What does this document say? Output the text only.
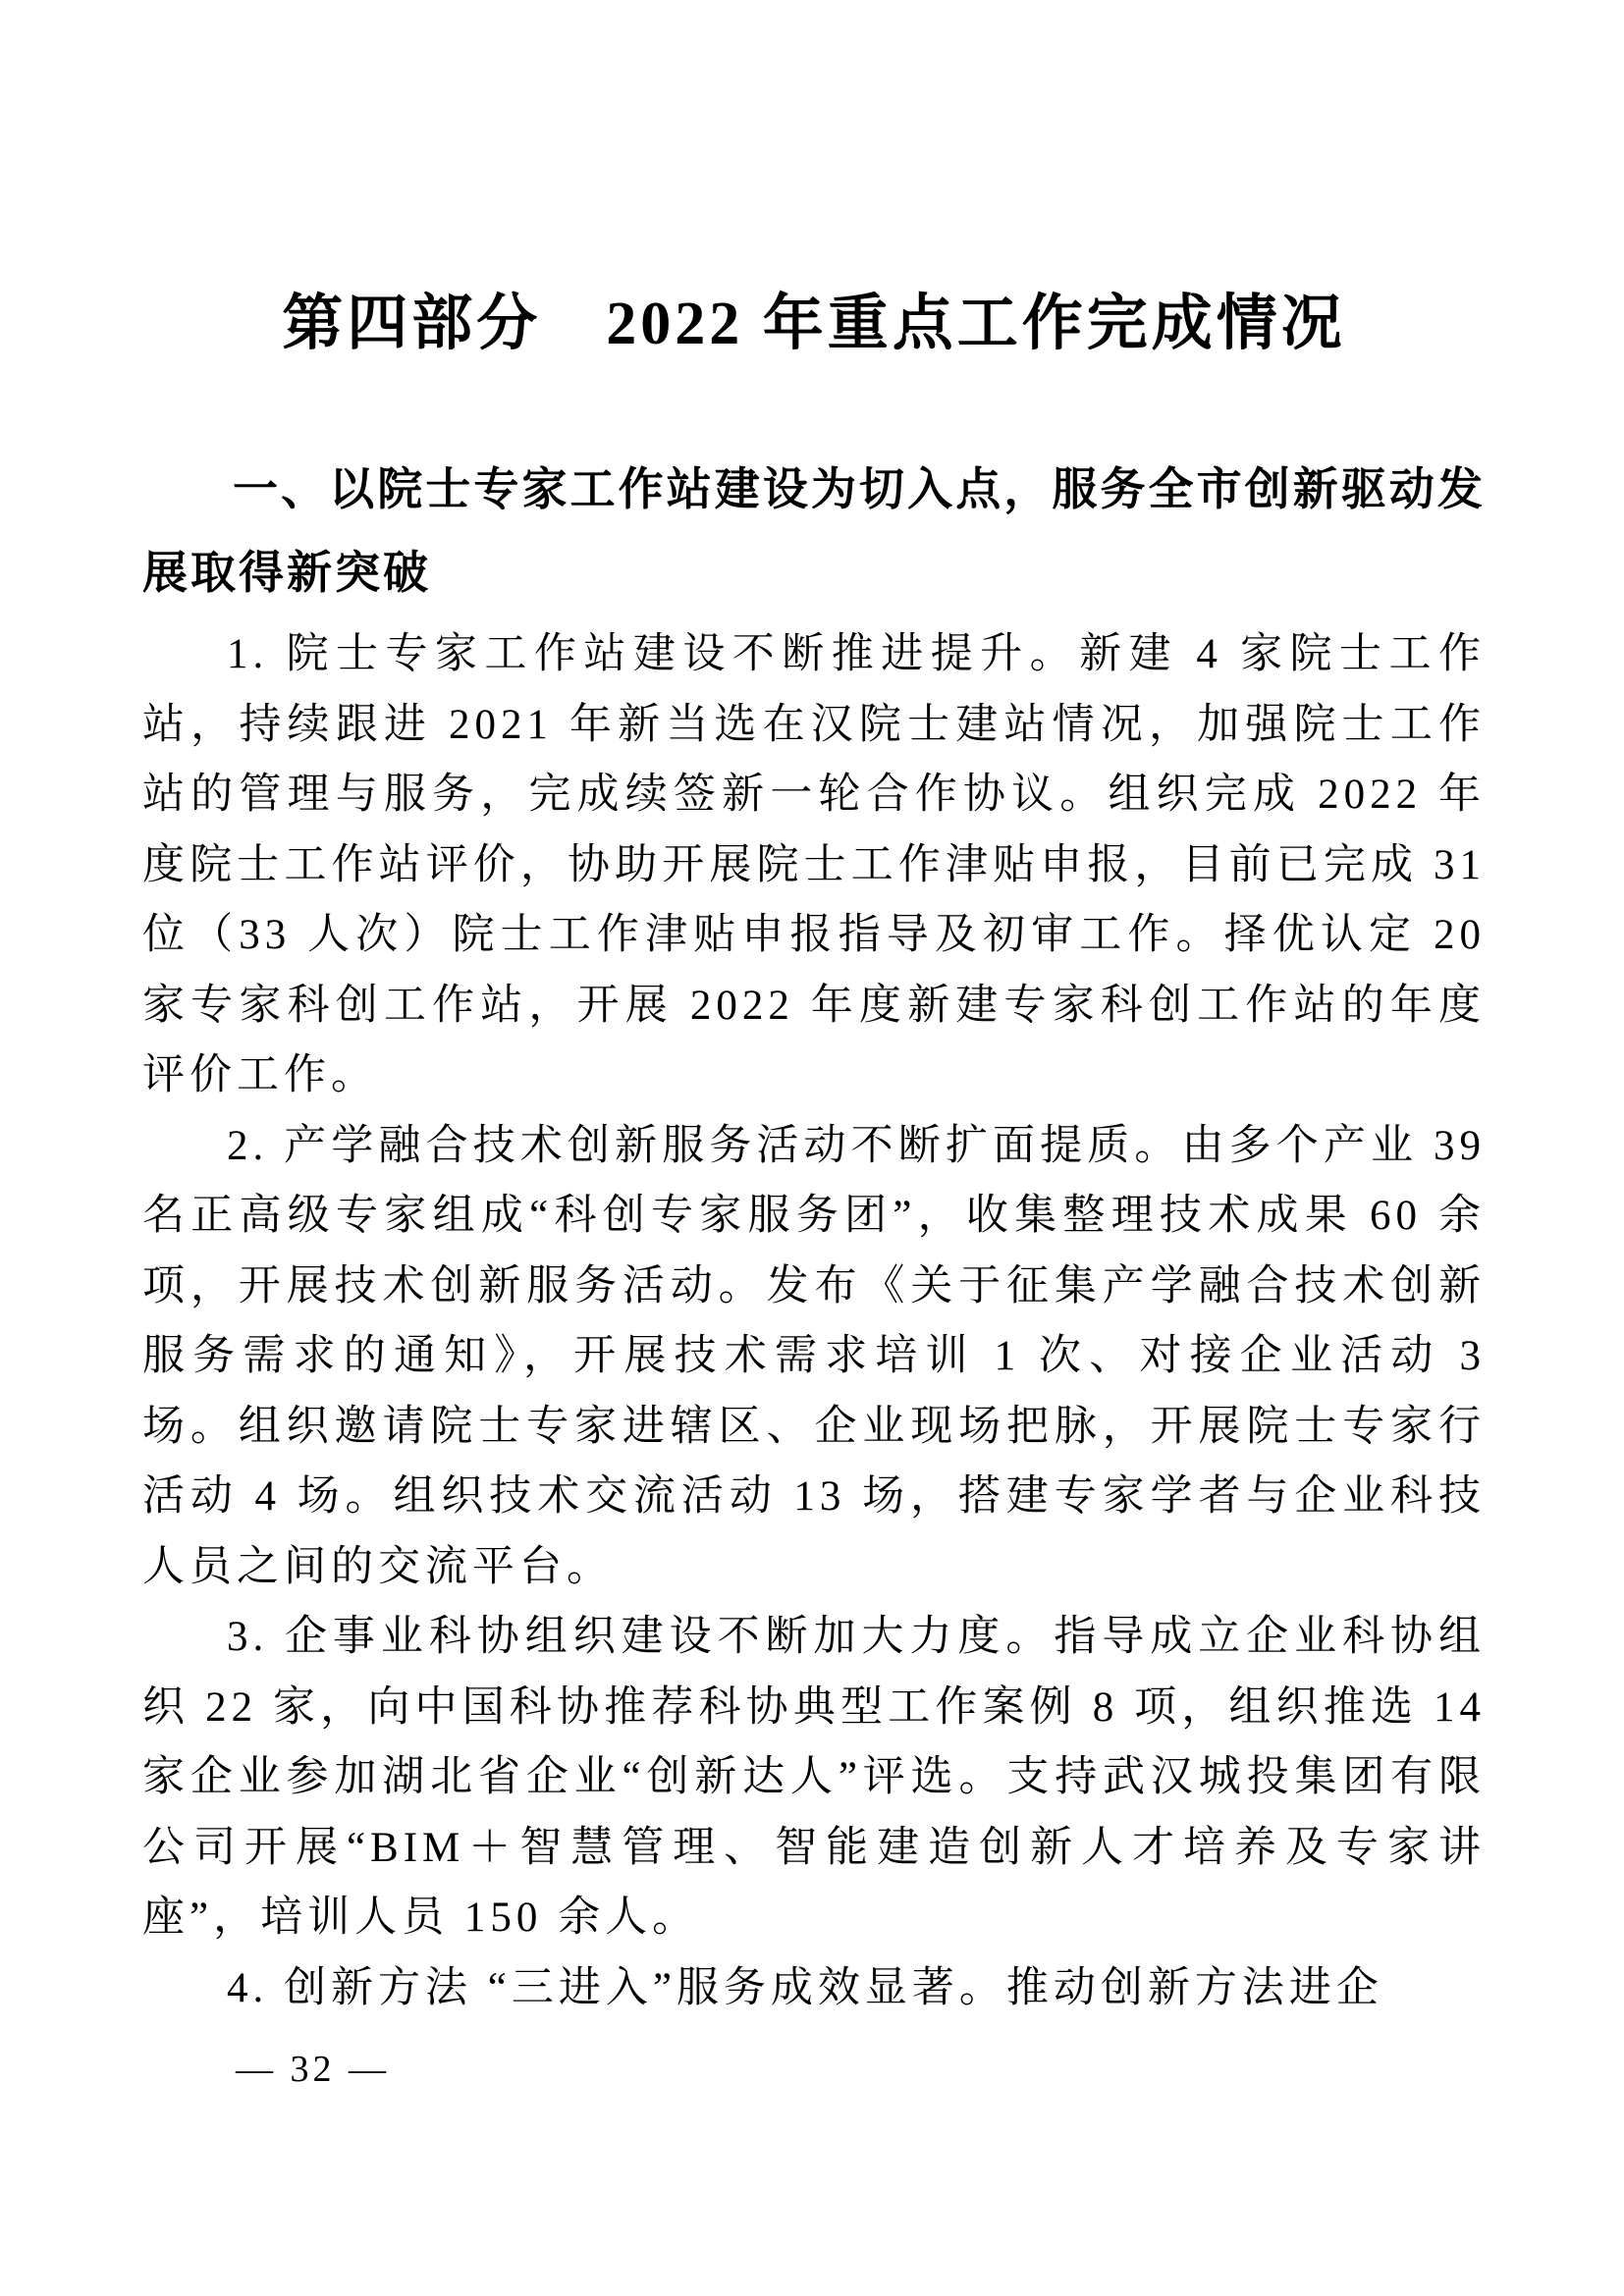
第四部分　2022 年重点工作完成情况
一、以院士专家工作站建设为切入点，服务全市创新驱动发展取得新突破

1. 院士专家工作站建设不断推进提升。新建 4 家院士工作站，持续跟进 2021 年新当选在汉院士建站情况，加强院士工作站的管理与服务，完成续签新一轮合作协议。组织完成 2022 年度院士工作站评价，协助开展院士工作津贴申报，目前已完成 31 位（33 人次）院士工作津贴申报指导及初审工作。择优认定 20 家专家科创工作站，开展 2022 年度新建专家科创工作站的年度评价工作。

2. 产学融合技术创新服务活动不断扩面提质。由多个产业 39 名正高级专家组成“科创专家服务团”，收集整理技术成果 60 余项，开展技术创新服务活动。发布《关于征集产学融合技术创新服务需求的通知》，开展技术需求培训 1 次、对接企业活动 3 场。组织邀请院士专家进辖区、企业现场把脉，开展院士专家行活动 4 场。组织技术交流活动 13 场，搭建专家学者与企业科技人员之间的交流平台。

3. 企事业科协组织建设不断加大力度。指导成立企业科协组织 22 家，向中国科协推荐科协典型工作案例 8 项，组织推选 14 家企业参加湖北省企业“创新达人”评选。支持武汉城投集团有限公司开展“BIM＋智慧管理、智能建造创新人才培养及专家讲座”，培训人员 150 余人。

4. 创新方法 “三进入”服务成效显著。推动创新方法进企

— 32 —
